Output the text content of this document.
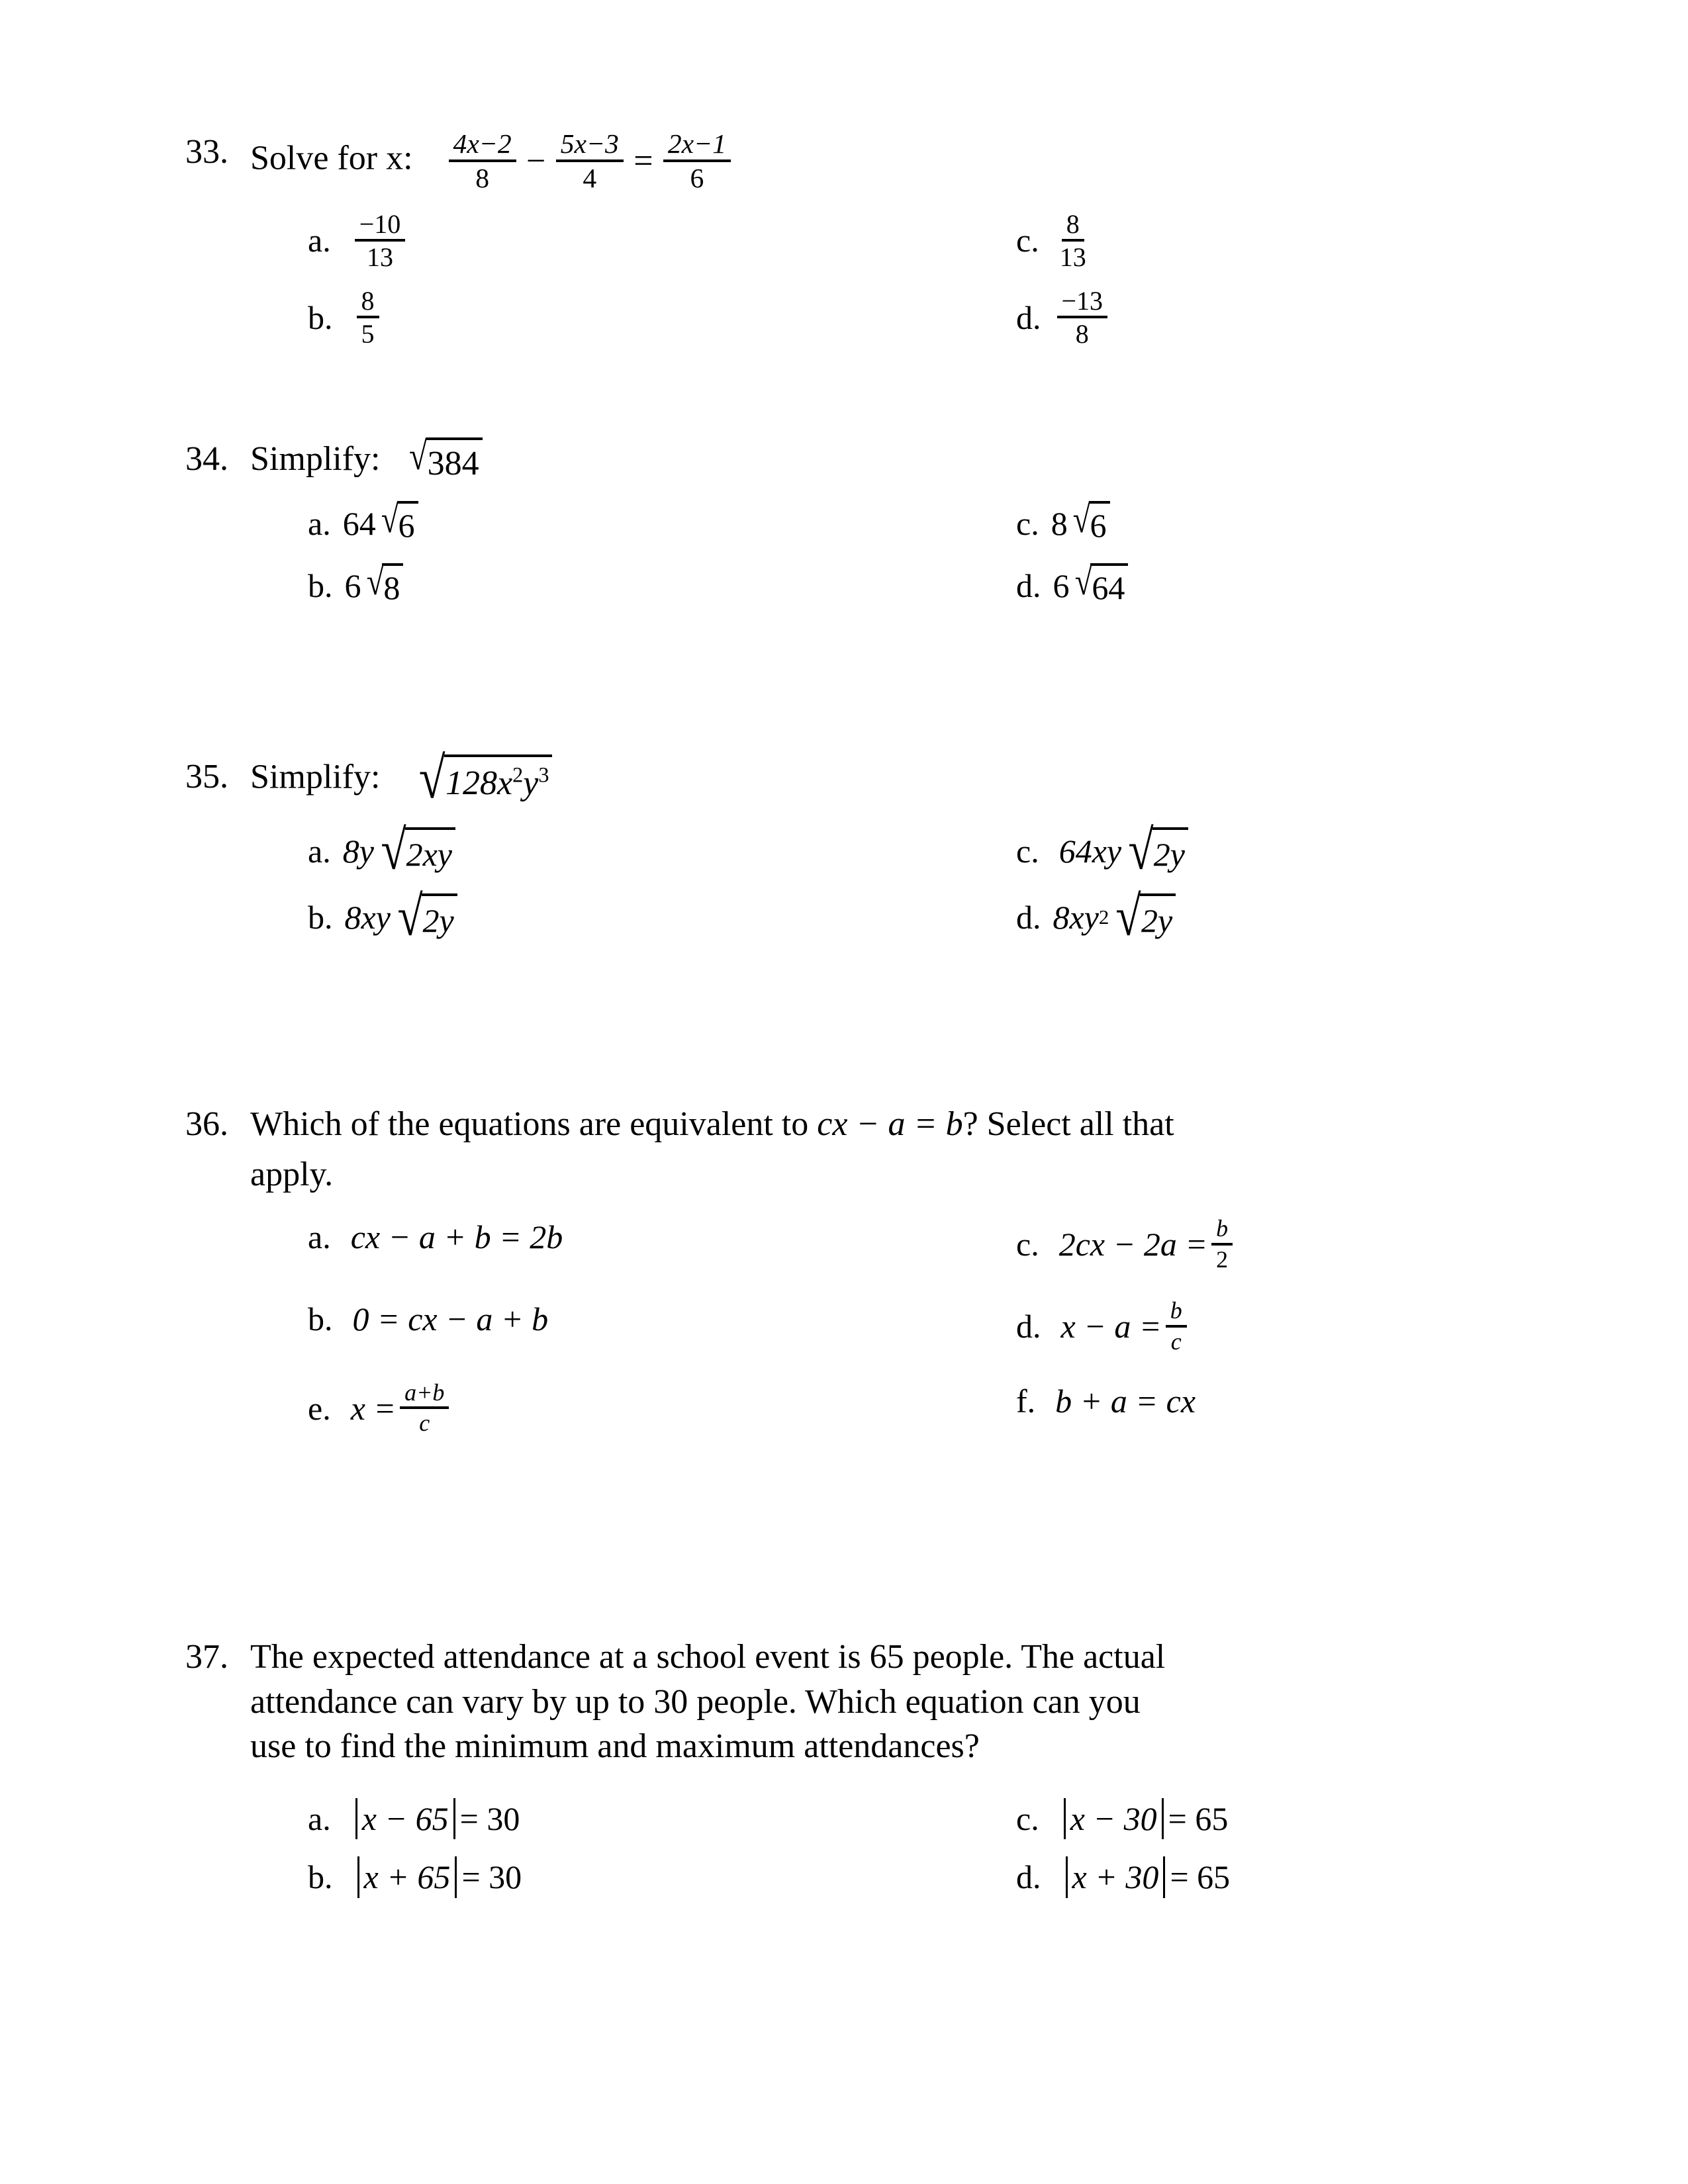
33. Solve for x: $\frac{4x-2}{8} - \frac{5x-3}{4} = \frac{2x-1}{6}$
a. $\frac{-10}{13}$	c. $\frac{8}{13}$
b. $\frac{8}{5}$	d. $\frac{-13}{8}$
34. Simplify: √ 384
a. 64 √ 6	c. 8 √ 6
b. 6 √ 8	d. 6 √ 64
35. Simplify: √ $128x^2y^3$
a. 8y √ 2xy	c. 64xy √ 2y
b. 8xy √ 2y	d. 8xy 2 √ 2y
36. Which of the equations are equivalent to cx − a = b? Select all that
apply.
a. cx − a + b = 2b	c. $2cx - 2a = \frac{b}{2}$
b. 0 = cx − a + b	d. $x - a = \frac{b}{c}$
e. $x = \frac{a+b}{c}$	f. b + a = cx
37. The expected attendance at a school event is 65 people. The actual
attendance can vary by up to 30 people. Which equation can you
use to find the minimum and maximum attendances?
a. x − 65 = 30	c. x − 30 = 65
b. x + 65 = 30	d. x + 30 = 65
